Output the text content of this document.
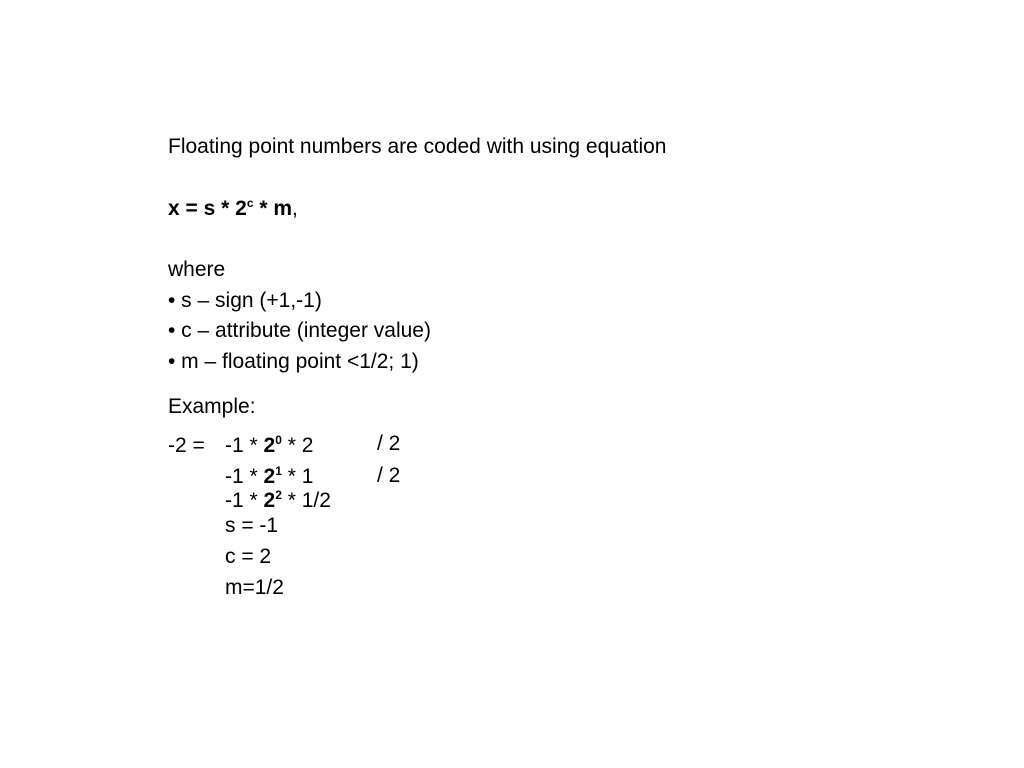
Floating point numbers are coded with using equation
x = s * 2$^c$ * m,
where
• s – sign (+1,-1)
• c – attribute (integer value)
• m – floating point <1/2; 1)
Example:
$-2 = -1 * 2^0 * 2$	/ 2
$-1 * 2^1 * 1$	/ 2
$-1 * 2^2 * 1/2$
s = -1
c = 2
m=1/2
